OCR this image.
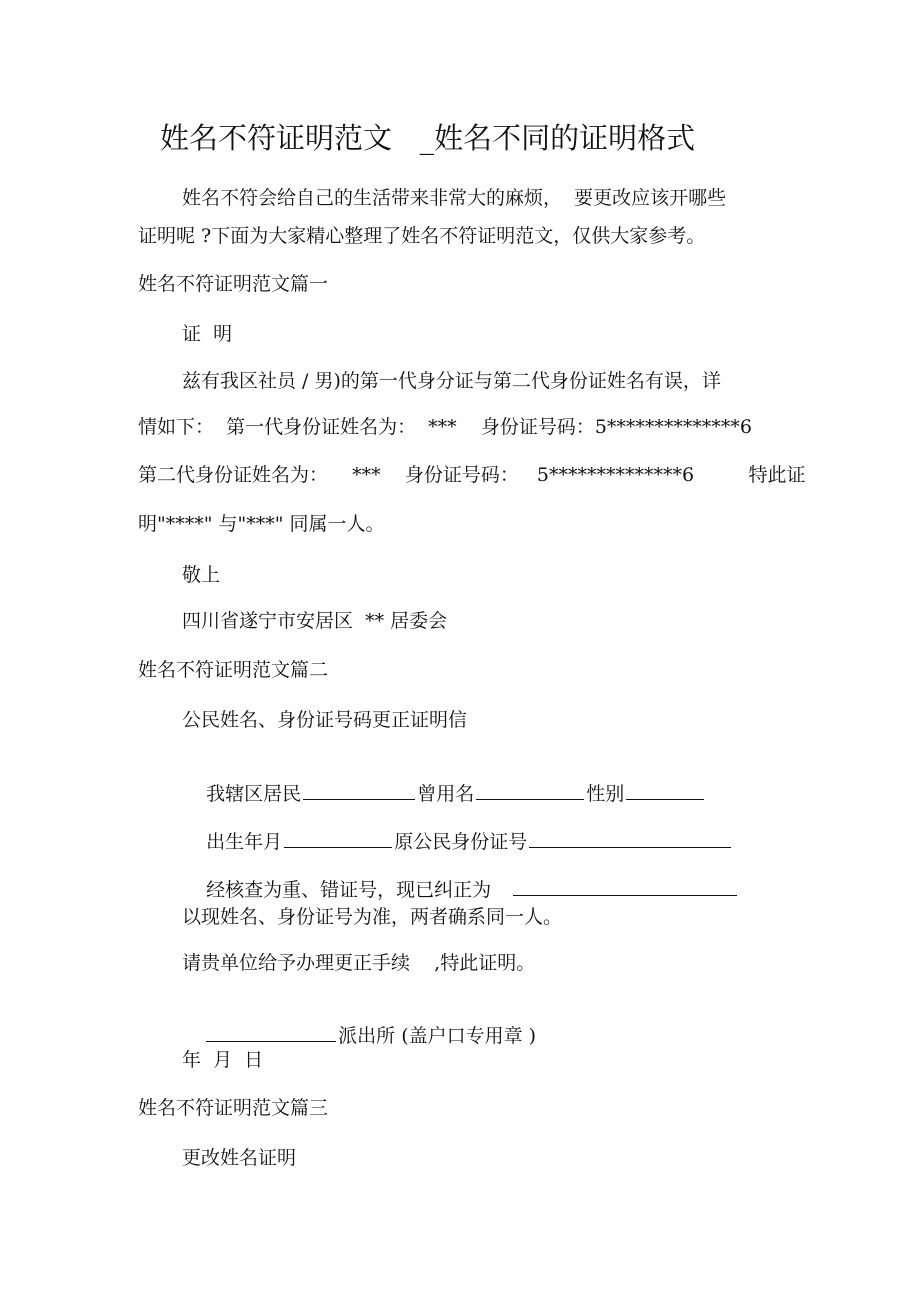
姓名不符证明范文   _姓名不同的证明格式
姓名不符会给自己的生活带来非常大的麻烦，  要更改应该开哪些
证明呢 ?下面为大家精心整理了姓名不符证明范文，仅供大家参考。
姓名不符证明范文篇一
证  明
兹有我区社员 / 男)的第一代身分证与第二代身份证姓名有误，详
情如下：  第一代身份证姓名为：  ***    身份证号码：5**************6
第二代身份证姓名为：    ***    身份证号码：   5**************6         特此证
明"****" 与"***" 同属一人。
敬上
四川省遂宁市安居区  ** 居委会
姓名不符证明范文篇二
公民姓名、身份证号码更正证明信

我辖区居民	曾用名	性别

出生年月	原公民身份证号

经核查为重、错证号，现已纠正为

以现姓名、身份证号为准，两者确系同一人。
请贵单位给予办理更正手续    ,特此证明。

派出所 (盖户口专用章 )

年  月  日
姓名不符证明范文篇三
更改姓名证明
